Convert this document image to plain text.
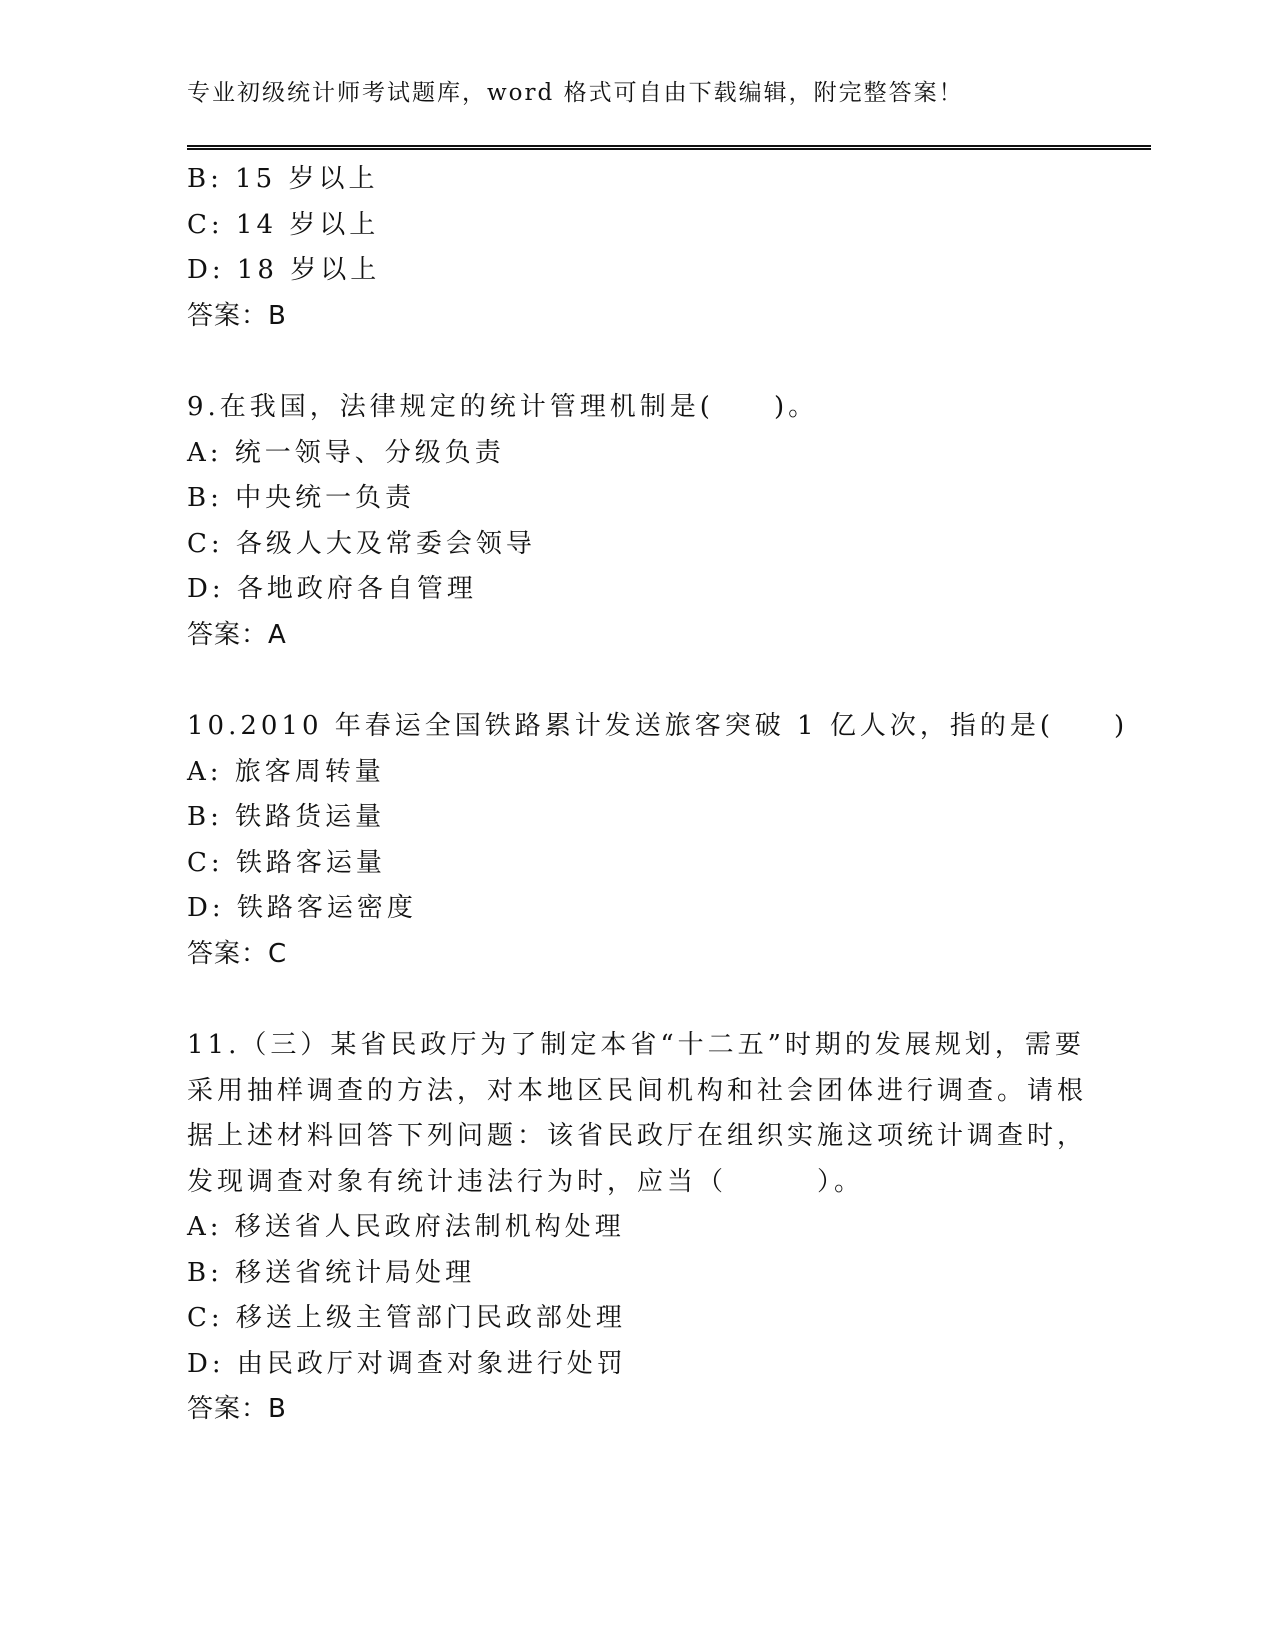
专业初级统计师考试题库，word 格式可自由下载编辑，附完整答案！
B: 15 岁以上
C: 14 岁以上
D: 18 岁以上
答案：B
9.在我国，法律规定的统计管理机制是(　　)。
A: 统一领导、分级负责
B: 中央统一负责
C: 各级人大及常委会领导
D: 各地政府各自管理
答案：A
10.2010 年春运全国铁路累计发送旅客突破 1 亿人次，指的是(　　)
A: 旅客周转量
B: 铁路货运量
C: 铁路客运量
D: 铁路客运密度
答案：C
11.（三）某省民政厅为了制定本省“十二五”时期的发展规划，需要
采用抽样调查的方法，对本地区民间机构和社会团体进行调查。请根
据上述材料回答下列问题：该省民政厅在组织实施这项统计调查时，
发现调查对象有统计违法行为时，应当（　　　）。
A: 移送省人民政府法制机构处理
B: 移送省统计局处理
C: 移送上级主管部门民政部处理
D: 由民政厅对调查对象进行处罚
答案：B
